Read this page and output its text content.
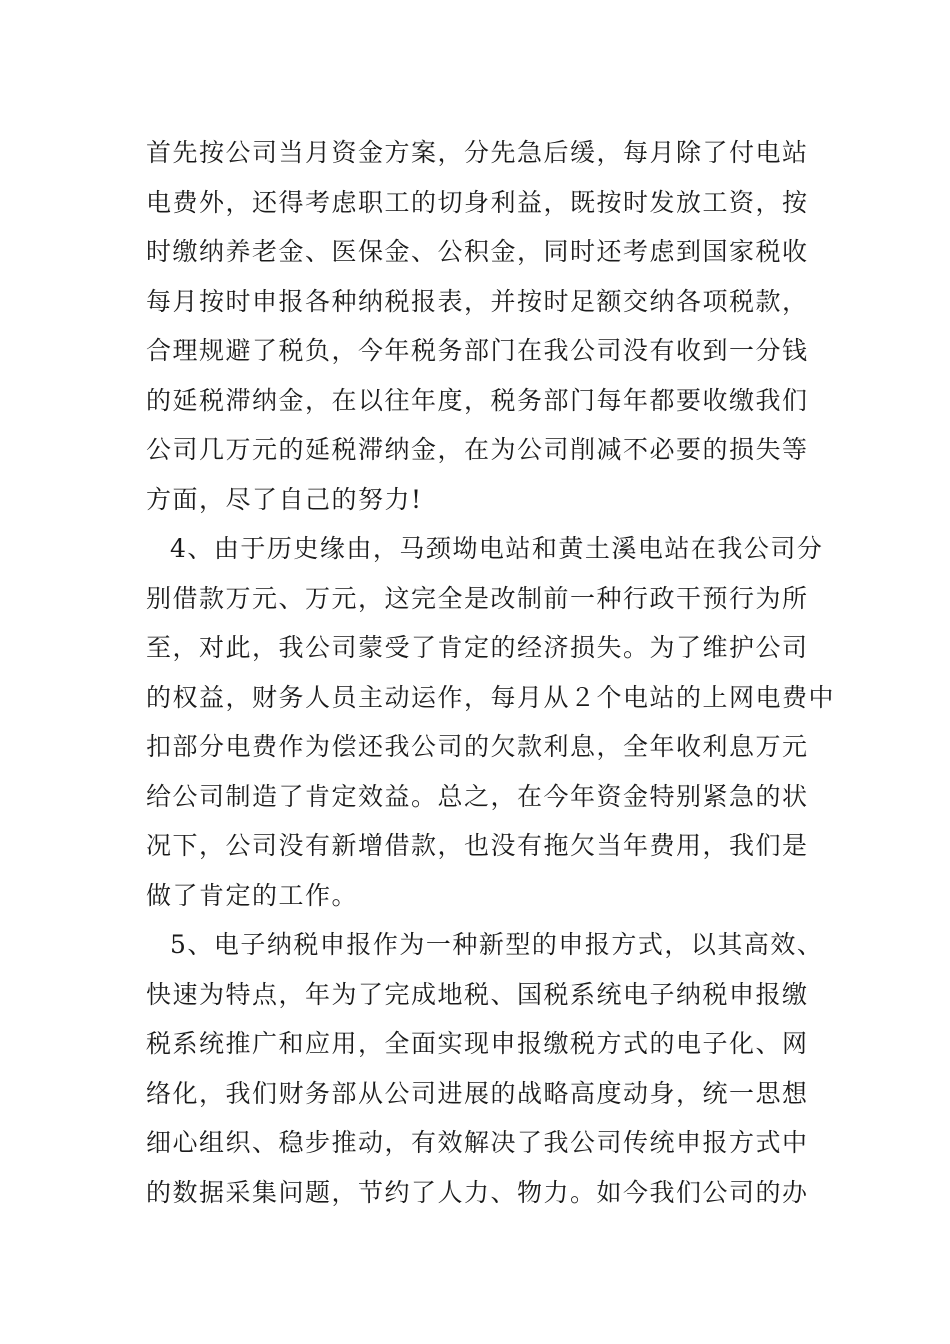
首先按公司当月资金方案，分先急后缓，每月除了付电站
电费外，还得考虑职工的切身利益，既按时发放工资，按
时缴纳养老金、医保金、公积金，同时还考虑到国家税收
每月按时申报各种纳税报表，并按时足额交纳各项税款，
合理规避了税负，今年税务部门在我公司没有收到一分钱
的延税滞纳金，在以往年度，税务部门每年都要收缴我们
公司几万元的延税滞纳金，在为公司削减不必要的损失等
方面，尽了自己的努力!
4、由于历史缘由，马颈坳电站和黄土溪电站在我公司分
别借款万元、万元，这完全是改制前一种行政干预行为所
至，对此，我公司蒙受了肯定的经济损失。为了维护公司
的权益，财务人员主动运作，每月从２个电站的上网电费中
扣部分电费作为偿还我公司的欠款利息，全年收利息万元
给公司制造了肯定效益。总之，在今年资金特别紧急的状
况下，公司没有新增借款，也没有拖欠当年费用，我们是
做了肯定的工作。
5、电子纳税申报作为一种新型的申报方式，以其高效、
快速为特点，年为了完成地税、国税系统电子纳税申报缴
税系统推广和应用，全面实现申报缴税方式的电子化、网
络化，我们财务部从公司进展的战略高度动身，统一思想
细心组织、稳步推动，有效解决了我公司传统申报方式中
的数据采集问题，节约了人力、物力。如今我们公司的办
